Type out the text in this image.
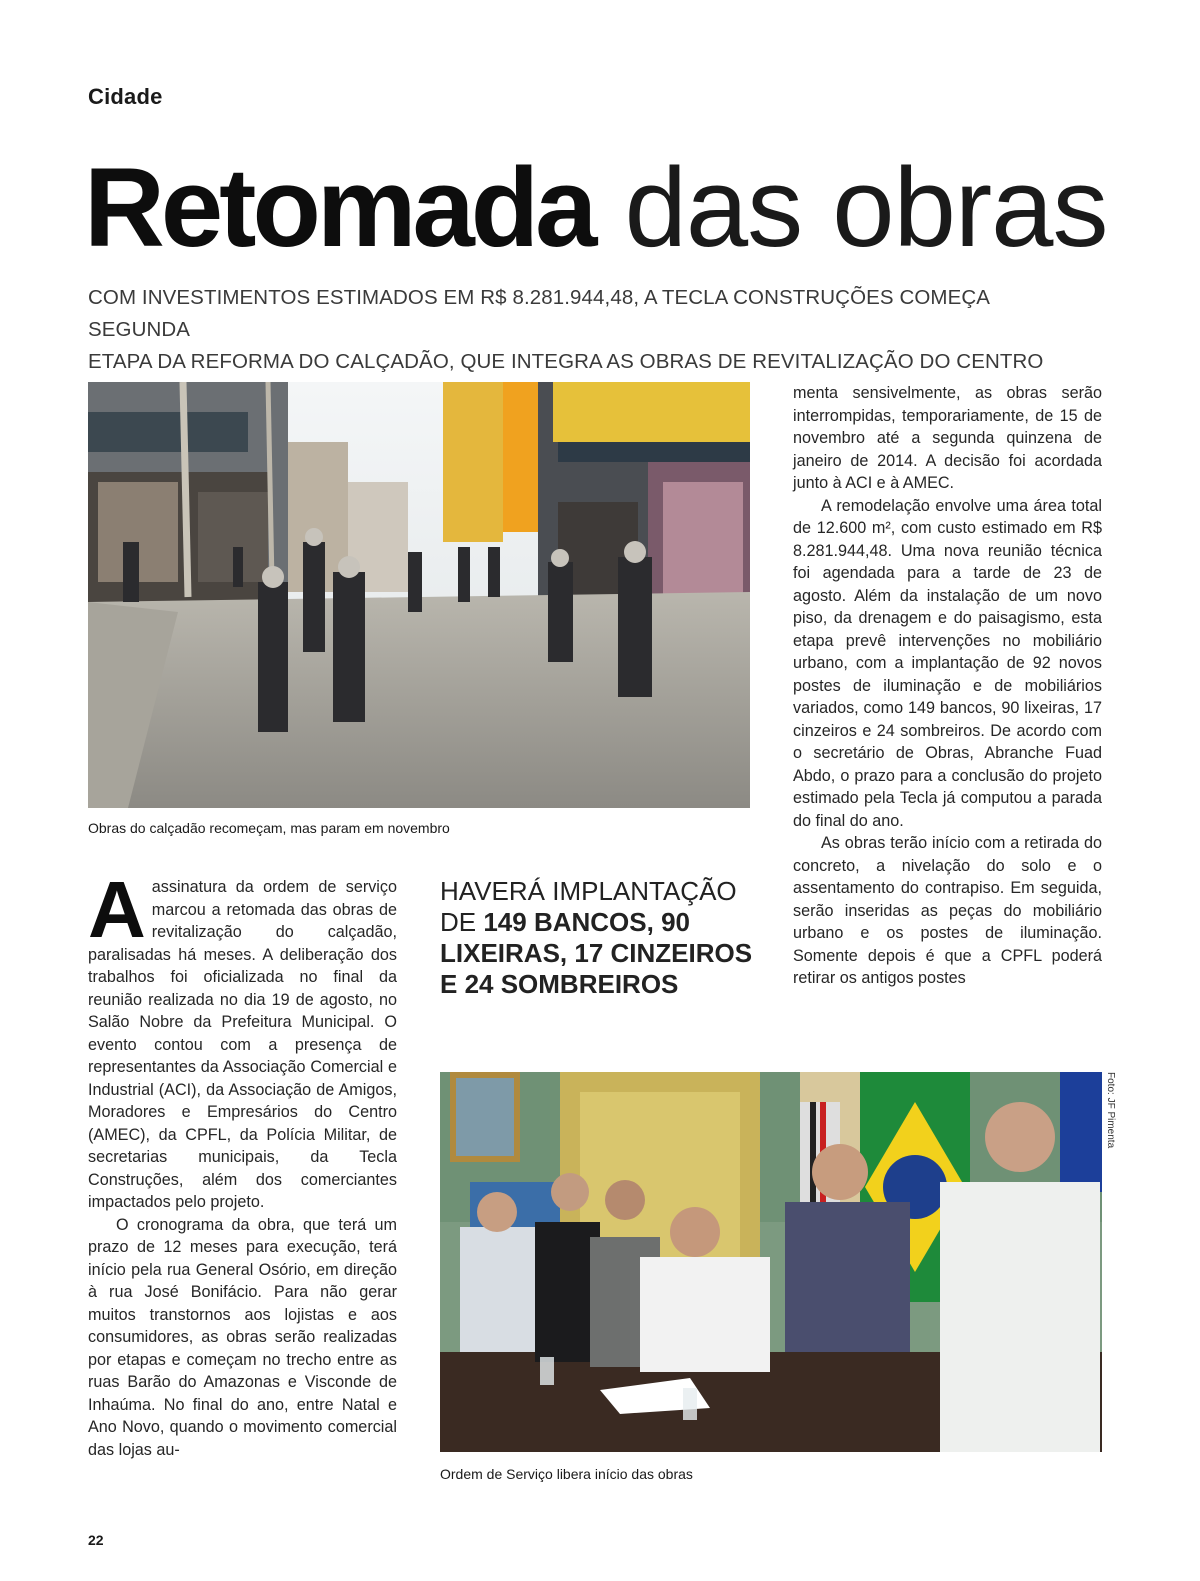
Cidade
Retomada das obras
COM INVESTIMENTOS ESTIMADOS EM R$ 8.281.944,48, A TECLA CONSTRUÇÕES COMEÇA SEGUNDA
ETAPA DA REFORMA DO CALÇADÃO, QUE INTEGRA AS OBRAS DE REVITALIZAÇÃO DO CENTRO
Obras do calçadão recomeçam, mas param em novembro

Aassinatura da ordem de serviço marcou a retomada das obras de revitalização do calçadão, paralisadas há meses. A deliberação dos trabalhos foi oficializada no final da reunião realizada no dia 19 de agosto, no Salão Nobre da Prefeitura Municipal. O evento contou com a presença de representantes da Associação Comercial e Industrial (ACI), da Associação de Amigos, Moradores e Empresários do Centro (AMEC), da CPFL, da Polícia Militar, de secretarias municipais, da Tecla Construções, além dos comerciantes impactados pelo projeto.

O cronograma da obra, que terá um prazo de 12 meses para execução, terá início pela rua General Osório, em direção à rua José Bonifácio. Para não gerar muitos transtornos aos lojistas e aos consumidores, as obras serão realizadas por etapas e começam no trecho entre as ruas Barão do Amazonas e Visconde de Inhaúma. No final do ano, entre Natal e Ano Novo, quando o movimento comercial das lojas au-

HAVERÁ IMPLANTAÇÃO DE 149 BANCOS, 90 LIXEIRAS, 17 CINZEIROS E 24 SOMBREIROS

menta sensivelmente, as obras serão interrompidas, temporariamente, de 15 de novembro até a segunda quinzena de janeiro de 2014. A decisão foi acordada junto à ACI e à AMEC.

A remodelação envolve uma área total de 12.600 m², com custo estimado em R$ 8.281.944,48. Uma nova reunião técnica foi agendada para a tarde de 23 de agosto. Além da instalação de um novo piso, da drenagem e do paisagismo, esta etapa prevê intervenções no mobiliário urbano, com a implantação de 92 novos postes de iluminação e de mobiliários variados, como 149 bancos, 90 lixeiras, 17 cinzeiros e 24 sombreiros. De acordo com o secretário de Obras, Abranche Fuad Abdo, o prazo para a conclusão do projeto estimado pela Tecla já computou a parada do final do ano.

As obras terão início com a retirada do concreto, a nivelação do solo e o assentamento do contrapiso. Em seguida, serão inseridas as peças do mobiliário urbano e os postes de iluminação. Somente depois é que a CPFL poderá retirar os antigos postes

Foto: JF Pimenta
Ordem de Serviço libera início das obras
22
